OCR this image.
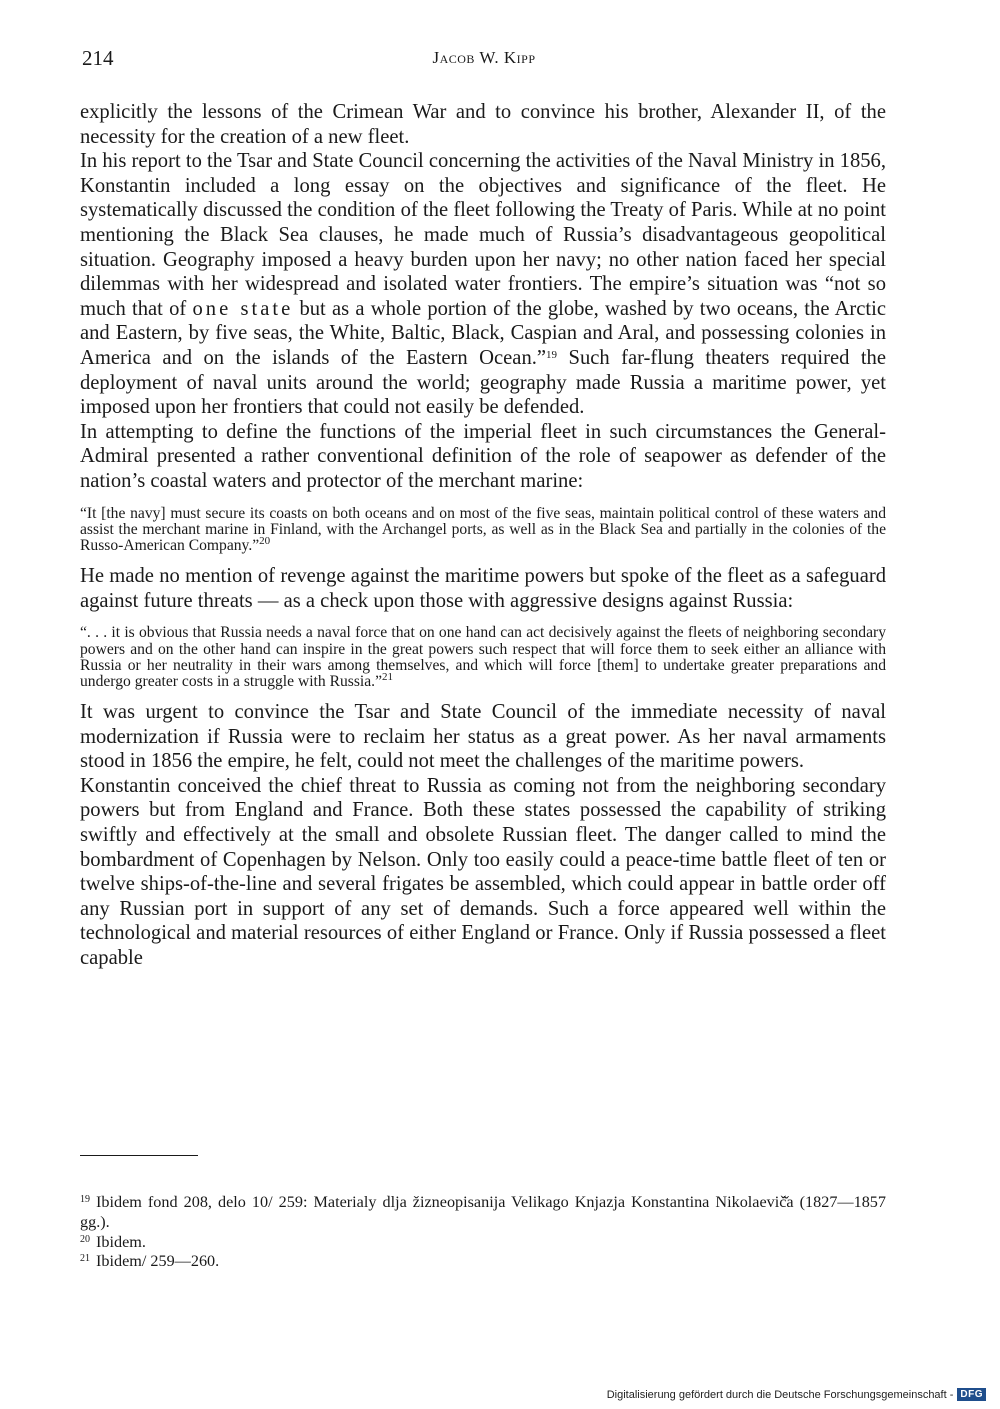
214	Jacob W. Kipp

explicitly the lessons of the Crimean War and to convince his brother, Alexander II, of the necessity for the creation of a new fleet.

In his report to the Tsar and State Council concerning the activities of the Naval Ministry in 1856, Konstantin included a long essay on the objectives and significance of the fleet. He systematically discussed the condition of the fleet following the Treaty of Paris. While at no point mentioning the Black Sea clauses, he made much of Russia’s disadvantageous geopolitical situation. Geography imposed a heavy burden upon her navy; no other nation faced her special dilemmas with her widespread and isolated water frontiers. The empire’s situation was “not so much that of one state but as a whole portion of the globe, washed by two oceans, the Arctic and Eastern, by five seas, the White, Baltic, Black, Caspian and Aral, and possessing colonies in America and on the islands of the Eastern Ocean.”$^{19}$ Such far-flung theaters required the deployment of naval units around the world; geography made Russia a maritime power, yet imposed upon her frontiers that could not easily be defended.

In attempting to define the functions of the imperial fleet in such circumstances the General-Admiral presented a rather conventional definition of the role of seapower as defender of the nation’s coastal waters and protector of the merchant marine:

“It [the navy] must secure its coasts on both oceans and on most of the five seas, maintain political control of these waters and assist the merchant marine in Finland, with the Archangel ports, as well as in the Black Sea and partially in the colonies of the Russo-American Company.”$^{20}$

He made no mention of revenge against the maritime powers but spoke of the fleet as a safeguard against future threats — as a check upon those with aggressive designs against Russia:

“. . . it is obvious that Russia needs a naval force that on one hand can act decisively against the fleets of neighboring secondary powers and on the other hand can inspire in the great powers such respect that will force them to seek either an alliance with Russia or her neutrality in their wars among themselves, and which will force [them] to undertake greater preparations and undergo greater costs in a struggle with Russia.”$^{21}$

It was urgent to convince the Tsar and State Council of the immediate necessity of naval modernization if Russia were to reclaim her status as a great power. As her naval armaments stood in 1856 the empire, he felt, could not meet the challenges of the maritime powers.

Konstantin conceived the chief threat to Russia as coming not from the neighboring secondary powers but from England and France. Both these states possessed the capability of striking swiftly and effectively at the small and obsolete Russian fleet. The danger called to mind the bombardment of Copenhagen by Nelson. Only too easily could a peace-time battle fleet of ten or twelve ships-of-the-line and several frigates be assembled, which could appear in battle order off any Russian port in support of any set of demands. Such a force appeared well within the technological and material resources of either England or France. Only if Russia possessed a fleet capable

$^{19}$ Ibidem fond 208, delo 10/ 259: Materialy dlja žizneopisanija Velikago Knjazja Konstantina Nikolaevič̌a (1827—1857 gg.).

$^{20}$ Ibidem.

$^{21}$ Ibidem/ 259—260.

Digitalisierung gefördert durch die Deutsche Forschungsgemeinschaft - DFG
